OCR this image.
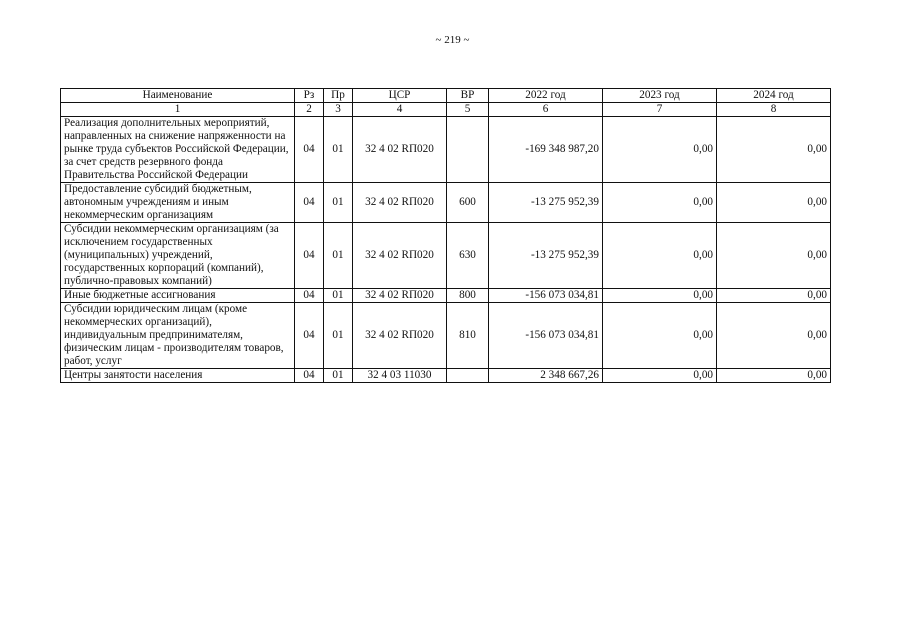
~ 219 ~
Наименование	Рз	Пр	ЦСР	ВР	2022 год	2023 год	2024 год
1	2	3	4	5	6	7	8
Реализация дополнительных мероприятий, направленных на снижение напряженности на рынке труда субъектов Российской Федерации, за счет средств резервного фонда Правительства Российской Федерации	04	01	32 4 02 RП020		-169 348 987,20	0,00	0,00
Предоставление субсидий бюджетным, автономным учреждениям и иным некоммерческим организациям	04	01	32 4 02 RП020	600	-13 275 952,39	0,00	0,00
Субсидии некоммерческим организациям (за исключением государственных (муниципальных) учреждений, государственных корпораций (компаний), публично-правовых компаний)	04	01	32 4 02 RП020	630	-13 275 952,39	0,00	0,00
Иные бюджетные ассигнования	04	01	32 4 02 RП020	800	-156 073 034,81	0,00	0,00
Субсидии юридическим лицам (кроме некоммерческих организаций), индивидуальным предпринимателям, физическим лицам - производителям товаров, работ, услуг	04	01	32 4 02 RП020	810	-156 073 034,81	0,00	0,00
Центры занятости населения	04	01	32 4 03 11030		2 348 667,26	0,00	0,00
